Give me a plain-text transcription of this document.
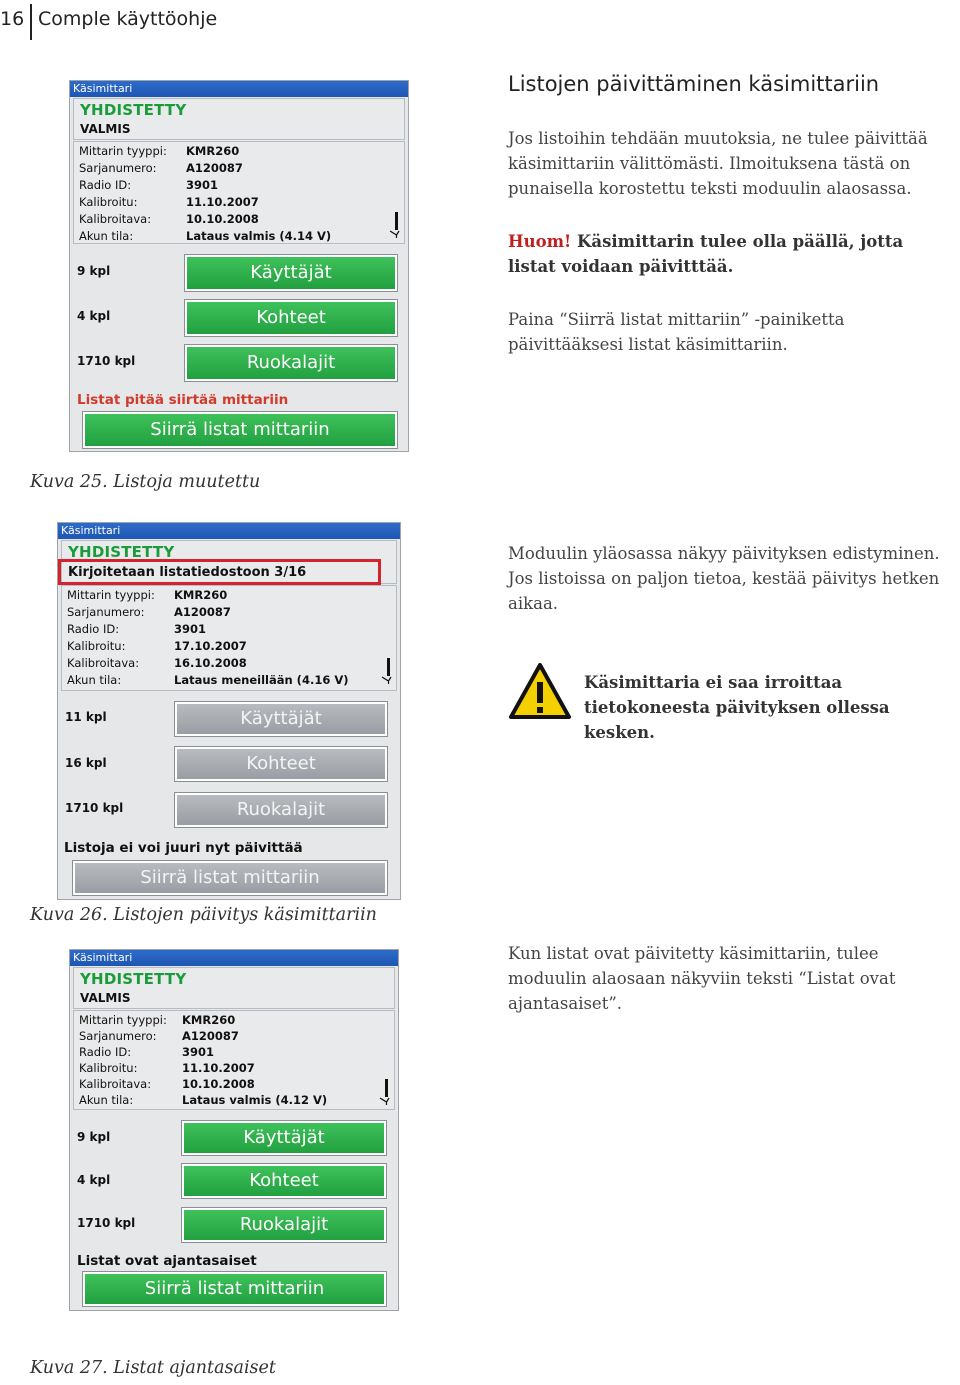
16 Comple käyttöohje
Käsimittari
YHDISTETTY
VALMIS
Mittarin tyyppi: KMR260
Sarjanumero:	A120087
Radio ID:	3901
Kalibroitu:	11.10.2007
Kalibroitava:	10.10.2008
Akun tila:	Lataus valmis (4.14 V)
9 kpl	Käyttäjät
4 kpl	Kohteet
1710 kpl	Ruokalajit
Listat pitää siirtää mittariin
Siirrä listat mittariin
Listojen päivittäminen käsimittariin

Jos listoihin tehdään muutoksia, ne tulee päivittää käsimittariin välittömästi. Ilmoituksena tästä on punaisella korostettu teksti moduulin alaosassa.

Huom! Käsimittarin tulee olla päällä, jotta listat voidaan päivitttää.

Paina “Siirrä listat mittariin” -painiketta päivittääksesi listat käsimittariin.

Kuva 25. Listoja muutettu
Käsimittari
YHDISTETTY
Kirjoitetaan listatiedostoon 3/16
Mittarin tyyppi: KMR260
Sarjanumero:	A120087
Radio ID:	3901
Kalibroitu:	17.10.2007
Kalibroitava:	16.10.2008
Akun tila:	Lataus meneillään (4.16 V)
11 kpl	Käyttäjät
16 kpl	Kohteet
1710 kpl	Ruokalajit
Listoja ei voi juuri nyt päivittää
Siirrä listat mittariin

Moduulin yläosassa näkyy päivityksen edistyminen. Jos listoissa on paljon tietoa, kestää päivitys hetken aikaa.

Käsimittaria ei saa irroittaa tietokoneesta päivityksen ollessa kesken.

Kuva 26. Listojen päivitys käsimittariin
Käsimittari
YHDISTETTY
VALMIS
Mittarin tyyppi: KMR260
Sarjanumero: A120087
Radio ID:	3901
Kalibroitu:	11.10.2007
Kalibroitava:	10.10.2008
Akun tila:	Lataus valmis (4.12 V)
9 kpl	Käyttäjät
4 kpl	Kohteet
1710 kpl	Ruokalajit
Listat ovat ajantasaiset
Siirrä listat mittariin

Kun listat ovat päivitetty käsimittariin, tulee moduulin alaosaan näkyviin teksti “Listat ovat ajantasaiset”.

Kuva 27. Listat ajantasaiset
